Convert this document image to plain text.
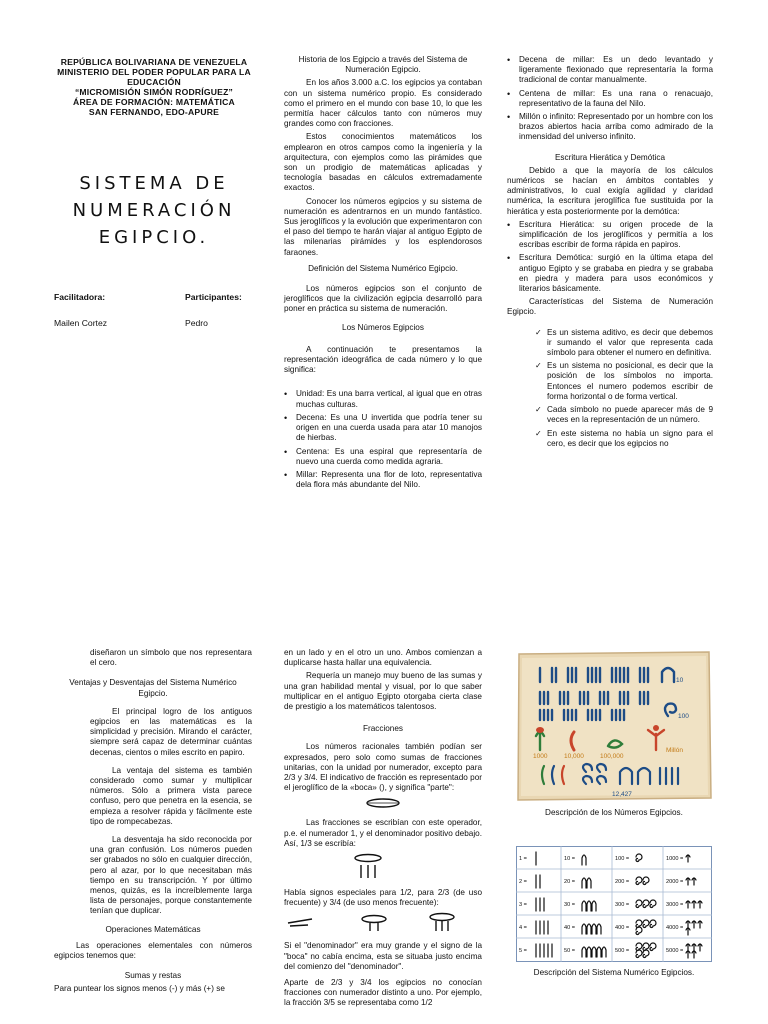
REPÚBLICA BOLIVARIANA DE VENEZUELA
MINISTERIO DEL PODER POPULAR PARA LA EDUCACIÓN
“MICROMISIÓN SIMÓN RODRÍGUEZ”
ÁREA DE FORMACIÓN: MATEMÁTICA
SAN FERNANDO, EDO-APURE
SISTEMA DE
NUMERACIÓN
EGIPCIO.
Facilitadora:	Participantes:
Mailen Cortez	Pedro

Historia de los Egipcio a través del Sistema de Numeración Egipcio.

En los años 3.000 a.C. los egipcios ya contaban con un sistema numérico propio. Es considerado como el primero en el mundo con base 10, lo que les permitía hacer cálculos tanto con números muy grandes como con fracciones.

Estos conocimientos matemáticos los emplearon en otros campos como la ingeniería y la arquitectura, con ejemplos como las pirámides que son un prodigio de matemáticas aplicadas y tecnología basadas en cálculos extremadamente exactos.

Conocer los números egipcios y su sistema de numeración es adentrarnos en un mundo fantástico. Sus jeroglíficos y la evolución que experimentaron con el paso del tiempo te harán viajar al antiguo Egipto de las milenarias pirámides y los esplendorosos faraones.

Definición del Sistema Numérico Egipcio.

Los números egipcios son el conjunto de jeroglíficos que la civilización egipcia desarrolló para poner en práctica su sistema de numeración.

Los Números Egipcios

A continuación te presentamos la representación ideográfica de cada número y lo que significa:

• Unidad: Es una barra vertical, al igual que en otras muchas culturas.
• Decena: Es una U invertida que podría tener su origen en una cuerda usada para atar 10 manojos de hierbas.
• Centena: Es una espiral que representaría de nuevo una cuerda como medida agraria.
• Millar: Representa una flor de loto, representativa dela flora más abundante del Nilo.
• Decena de millar: Es un dedo levantado y ligeramente flexionado que representaría la forma tradicional de contar manualmente.
• Centena de millar: Es una rana o renacuajo, representativo de la fauna del Nilo.
• Millón o infinito: Representado por un hombre con los brazos abiertos hacia arriba como admirado de la inmensidad del universo infinito.

Escritura Hierática y Demótica

Debido a que la mayoría de los cálculos numéricos se hacían en ámbitos contables y administrativos, lo cual exigía agilidad y claridad numérica, la escritura jeroglífica fue sustituida por la hierática y esta posteriormente por la demótica:

• Escritura Hierática: su origen procede de la simplificación de los jeroglíficos y permitía a los escribas escribir de forma rápida en papiros.
• Escritura Demótica: surgió en la última etapa del antiguo Egipto y se grababa en piedra y se grababa en piedra y madera para usos económicos y literarios básicamente.

Características del Sistema de Numeración Egipcio.

✓ Es un sistema aditivo, es decir que debemos ir sumando el valor que representa cada símbolo para obtener el numero en definitiva.
✓ Es un sistema no posicional, es decir que la posición de los símbolos no importa. Entonces el numero podemos escribir de forma horizontal o de forma vertical.
✓ Cada símbolo no puede aparecer más de 9 veces en la representación de un número.
✓ En este sistema no había un signo para el cero, es decir que los egipcios no

diseñaron un símbolo que nos representara el cero.

Ventajas y Desventajas del Sistema Numérico Egipcio.

El principal logro de los antiguos egipcios en las matemáticas es la simplicidad y precisión. Mirando el carácter, siempre será capaz de determinar cuántas decenas, cientos o miles escrito en papiro.

La ventaja del sistema es también considerado como sumar y multiplicar números. Sólo a primera vista parece confuso, pero que penetra en la esencia, se empieza a resolver rápida y fácilmente este tipo de rompecabezas.

La desventaja ha sido reconocida por una gran confusión. Los números pueden ser grabados no sólo en cualquier dirección, pero al azar, por lo que necesitaban más tiempo en su transcripción. Y por último menos, quizás, es la increíblemente larga lista de personajes, porque constantemente tenían que duplicar.

Operaciones Matemáticas

Las operaciones elementales con números egipcios tenemos que:

Sumas y restas

Para puntear los signos menos (-) y más (+) se

en un lado y en el otro un uno. Ambos comienzan a duplicarse hasta hallar una equivalencia.

Requería un manejo muy bueno de las sumas y una gran habilidad mental y visual, por lo que saber multiplicar en el antiguo Egipto otorgaba cierta clase de prestigio a los matemáticos talentosos.

Fracciones

Los números racionales también podían ser expresados, pero solo como sumas de fracciones unitarias, con la unidad por numerador, excepto para 2/3 y 3/4. El indicativo de fracción es representado por el jeroglífico de la «boca» (), y significa "parte":

Las fracciones se escribían con este operador, p.e. el numerador 1, y el denominador positivo debajo. Así, 1/3 se escribía:

Había signos especiales para 1/2, para 2/3 (de uso frecuente) y 3/4 (de uso menos frecuente):

Si el "denominador" era muy grande y el signo de la "boca" no cabía encima, esta se situaba justo encima del comienzo del "denominador".

Aparte de 2/3 y 3/4 los egipcios no conocían fracciones con numerador distinto a uno. Por ejemplo, la fracción 3/5 se representaba como 1/2

10
100
1000	10,000 100,000
Millón
12,427
Descripción de los Números Egipcios.
1 =	10 =	100 =	1000 =
2 =	20 =	200 =	2000 =
3 =	30 =	300 =	3000 =
4 =	40 =	400 =	4000 =
5 =	50 =	500 =	5000 =
Descripción del Sistema Numérico Egipcios.
